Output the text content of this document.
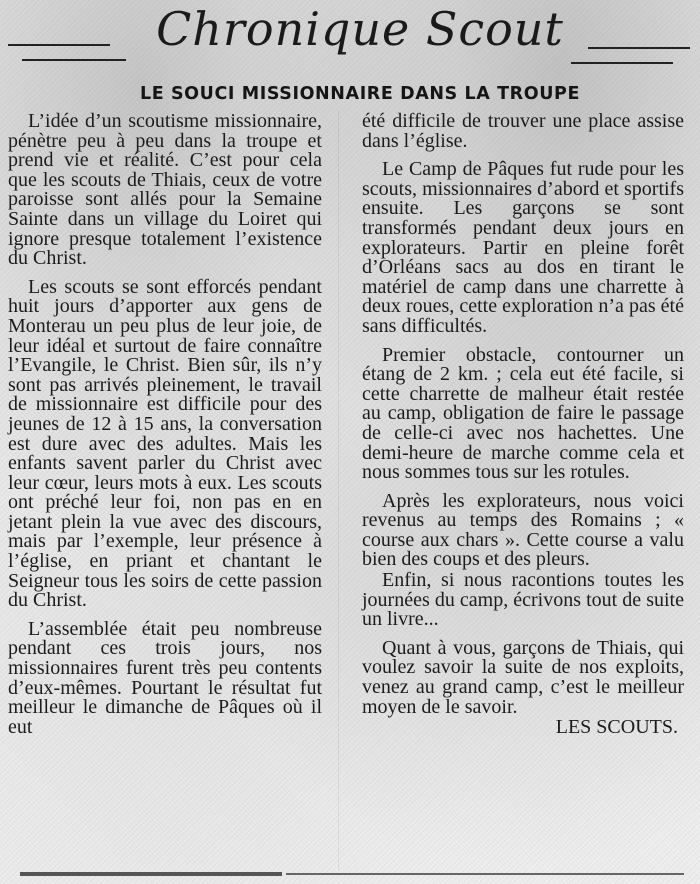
Chronique Scout
LE SOUCI MISSIONNAIRE DANS LA TROUPE

L’idée d’un scoutisme missionnaire, pénètre peu à peu dans la troupe et prend vie et réalité. C’est pour cela que les scouts de Thiais, ceux de votre paroisse sont allés pour la Semaine Sainte dans un village du Loiret qui ignore presque totalement l’existence du Christ.

Les scouts se sont efforcés pendant huit jours d’apporter aux gens de Monterau un peu plus de leur joie, de leur idéal et surtout de faire connaître l’Evangile, le Christ. Bien sûr, ils n’y sont pas arrivés pleinement, le travail de missionnaire est difficile pour des jeunes de 12 à 15 ans, la conversation est dure avec des adultes. Mais les enfants savent parler du Christ avec leur cœur, leurs mots à eux. Les scouts ont préché leur foi, non pas en en jetant plein la vue avec des discours, mais par l’exemple, leur présence à l’église, en priant et chantant le Seigneur tous les soirs de cette passion du Christ.

L’assemblée était peu nombreuse pendant ces trois jours, nos missionnaires furent très peu contents d’eux-mêmes. Pourtant le résultat fut meilleur le dimanche de Pâques où il eut

été difficile de trouver une place assise dans l’église.

Le Camp de Pâques fut rude pour les scouts, missionnaires d’abord et sportifs ensuite. Les garçons se sont transformés pendant deux jours en explorateurs. Partir en pleine forêt d’Orléans sacs au dos en tirant le matériel de camp dans une charrette à deux roues, cette exploration n’a pas été sans difficultés.

Premier obstacle, contourner un étang de 2 km. ; cela eut été facile, si cette charrette de malheur était restée au camp, obligation de faire le passage de celle-ci avec nos hachettes. Une demi-heure de marche comme cela et nous sommes tous sur les rotules.

Après les explorateurs, nous voici revenus au temps des Romains ; « course aux chars ». Cette course a valu bien des coups et des pleurs.

Enfin, si nous racontions toutes les journées du camp, écrivons tout de suite un livre...

Quant à vous, garçons de Thiais, qui voulez savoir la suite de nos exploits, venez au grand camp, c’est le meilleur moyen de le savoir.

LES SCOUTS.
